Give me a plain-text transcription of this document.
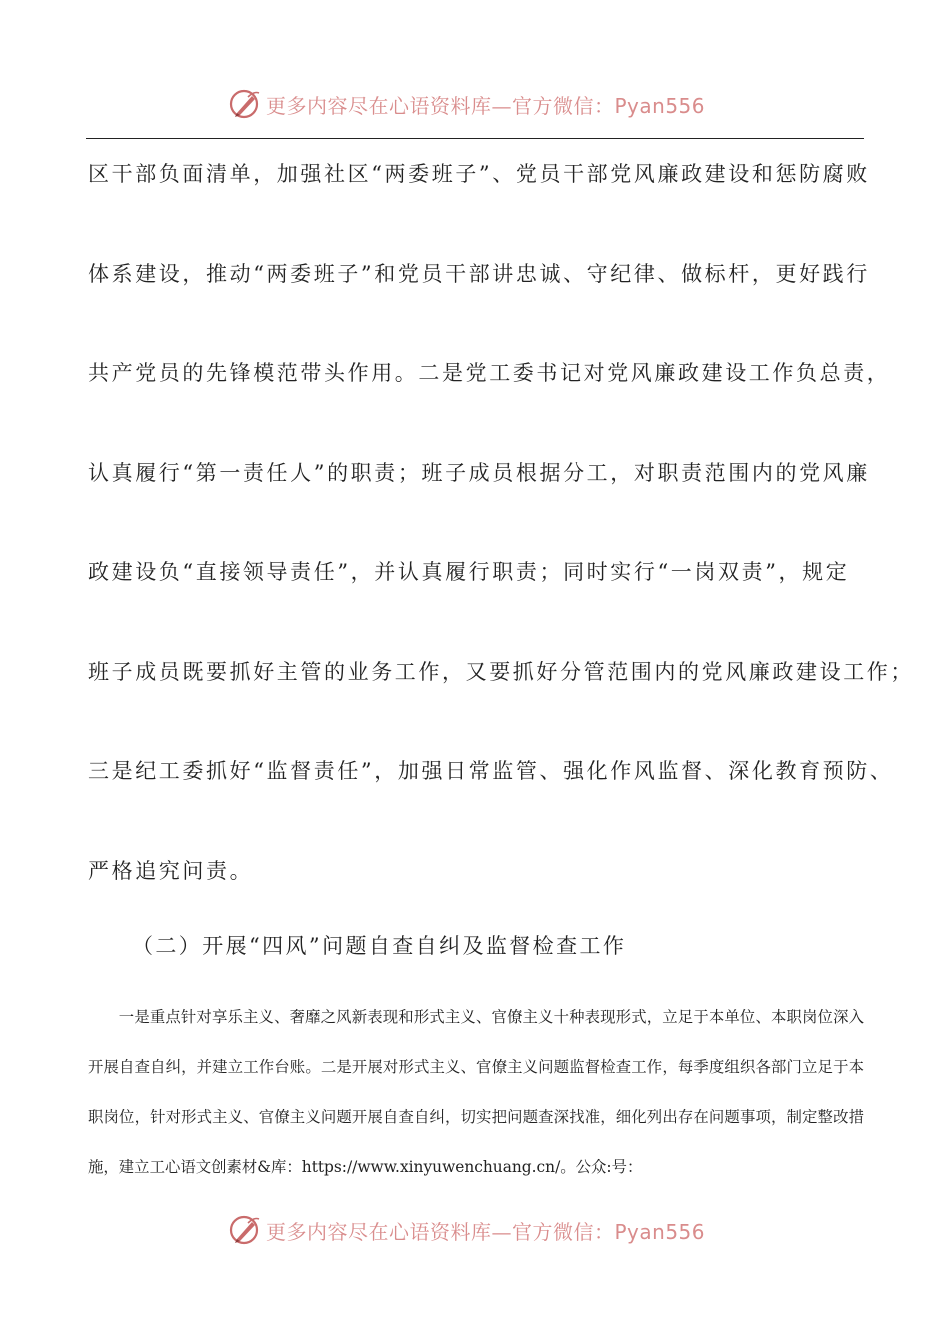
更多内容尽在心语资料库—官方微信：Pyan556
区干部负面清单，加强社区“两委班子”、党员干部党风廉政建设和惩防腐败
体系建设，推动“两委班子”和党员干部讲忠诚、守纪律、做标杆，更好践行
共产党员的先锋模范带头作用。二是党工委书记对党风廉政建设工作负总责，
认真履行“第一责任人”的职责；班子成员根据分工，对职责范围内的党风廉
政建设负“直接领导责任”，并认真履行职责；同时实行“一岗双责”，规定
班子成员既要抓好主管的业务工作，又要抓好分管范围内的党风廉政建设工作；
三是纪工委抓好“监督责任”，加强日常监管、强化作风监督、深化教育预防、
严格追究问责。
（二）开展“四风”问题自查自纠及监督检查工作
一是重点针对享乐主义、奢靡之风新表现和形式主义、官僚主义十种表现形式，立足于本单位、本职岗位深入开展自查自纠，并建立工作台账。二是开展对形式主义、官僚主义问题监督检查工作，每季度组织各部门立足于本职岗位，针对形式主义、官僚主义问题开展自查自纠，切实把问题查深找准，细化列出存在问题事项，制定整改措施，建立工心语文创素材&库：https://www.xinyuwenchuang.cn/。公众:号：
更多内容尽在心语资料库—官方微信：Pyan556
